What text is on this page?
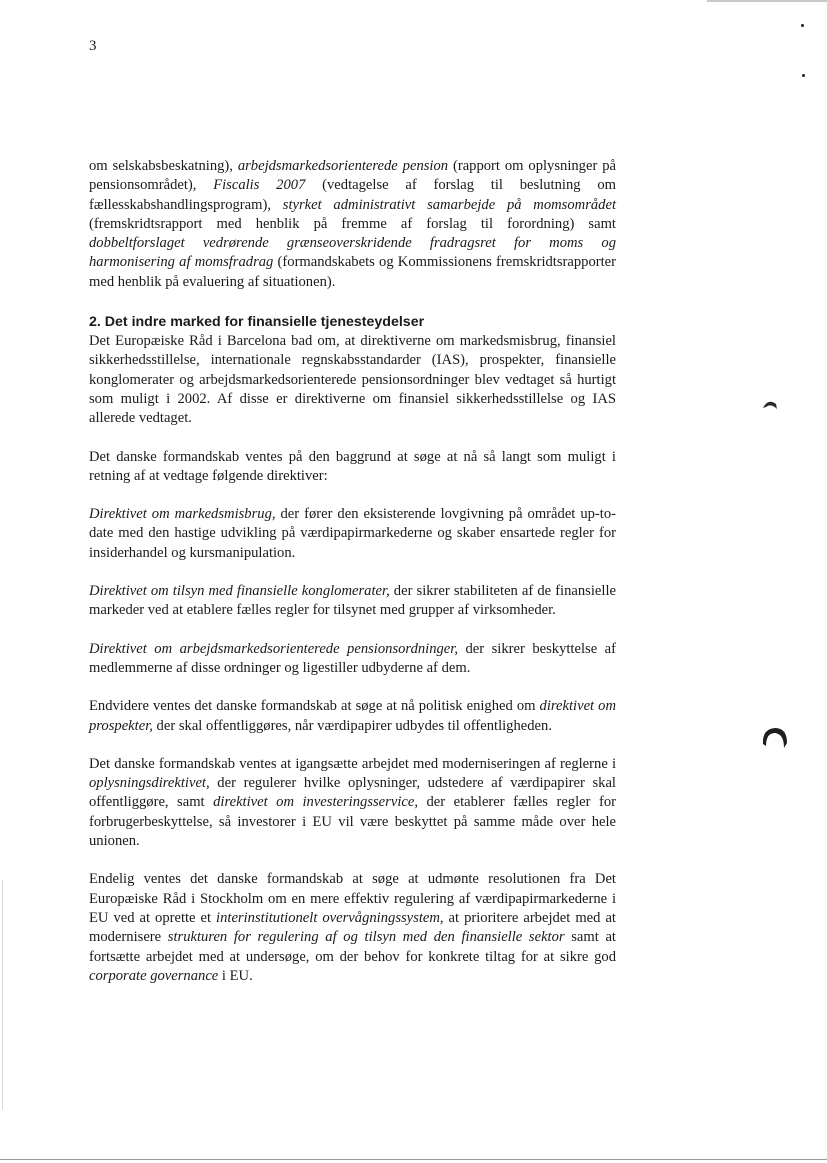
3

om selskabsbeskatning), arbejdsmarkedsorienterede pension (rapport om oplysninger på pensionsområdet), Fiscalis 2007 (vedtagelse af forslag til beslutning om fællesskabshandlingsprogram), styrket administrativt samarbejde på momsområdet (fremskridtsrapport med henblik på fremme af forslag til forordning) samt dobbeltforslaget vedrørende grænseoverskridende fradragsret for moms og harmonisering af momsfradrag (formandskabets og Kommissionens fremskridtsrapporter med henblik på evaluering af situationen).

2. Det indre marked for finansielle tjenesteydelser

Det Europæiske Råd i Barcelona bad om, at direktiverne om markedsmisbrug, finansiel sikkerhedsstillelse, internationale regnskabsstandarder (IAS), prospekter, finansielle konglomerater og arbejdsmarkedsorienterede pensionsordninger blev vedtaget så hurtigt som muligt i 2002. Af disse er direktiverne om finansiel sikkerhedsstillelse og IAS allerede vedtaget.

Det danske formandskab ventes på den baggrund at søge at nå så langt som muligt i retning af at vedtage følgende direktiver:

Direktivet om markedsmisbrug, der fører den eksisterende lovgivning på området up-to-date med den hastige udvikling på værdipapirmarkederne og skaber ensartede regler for insiderhandel og kursmanipulation.

Direktivet om tilsyn med finansielle konglomerater, der sikrer stabiliteten af de finansielle markeder ved at etablere fælles regler for tilsynet med grupper af virksomheder.

Direktivet om arbejdsmarkedsorienterede pensionsordninger, der sikrer beskyttelse af medlemmerne af disse ordninger og ligestiller udbyderne af dem.

Endvidere ventes det danske formandskab at søge at nå politisk enighed om direktivet om prospekter, der skal offentliggøres, når værdipapirer udbydes til offentligheden.

Det danske formandskab ventes at igangsætte arbejdet med moderniseringen af reglerne i oplysningsdirektivet, der regulerer hvilke oplysninger, udstedere af værdipapirer skal offentliggøre, samt direktivet om investeringsservice, der etablerer fælles regler for forbrugerbeskyttelse, så investorer i EU vil være beskyttet på samme måde over hele unionen.

Endelig ventes det danske formandskab at søge at udmønte resolutionen fra Det Europæiske Råd i Stockholm om en mere effektiv regulering af værdipapirmarkederne i EU ved at oprette et interinstitutionelt overvågningssystem, at prioritere arbejdet med at modernisere strukturen for regulering af og tilsyn med den finansielle sektor samt at fortsætte arbejdet med at undersøge, om der behov for konkrete tiltag for at sikre god corporate governance i EU.
